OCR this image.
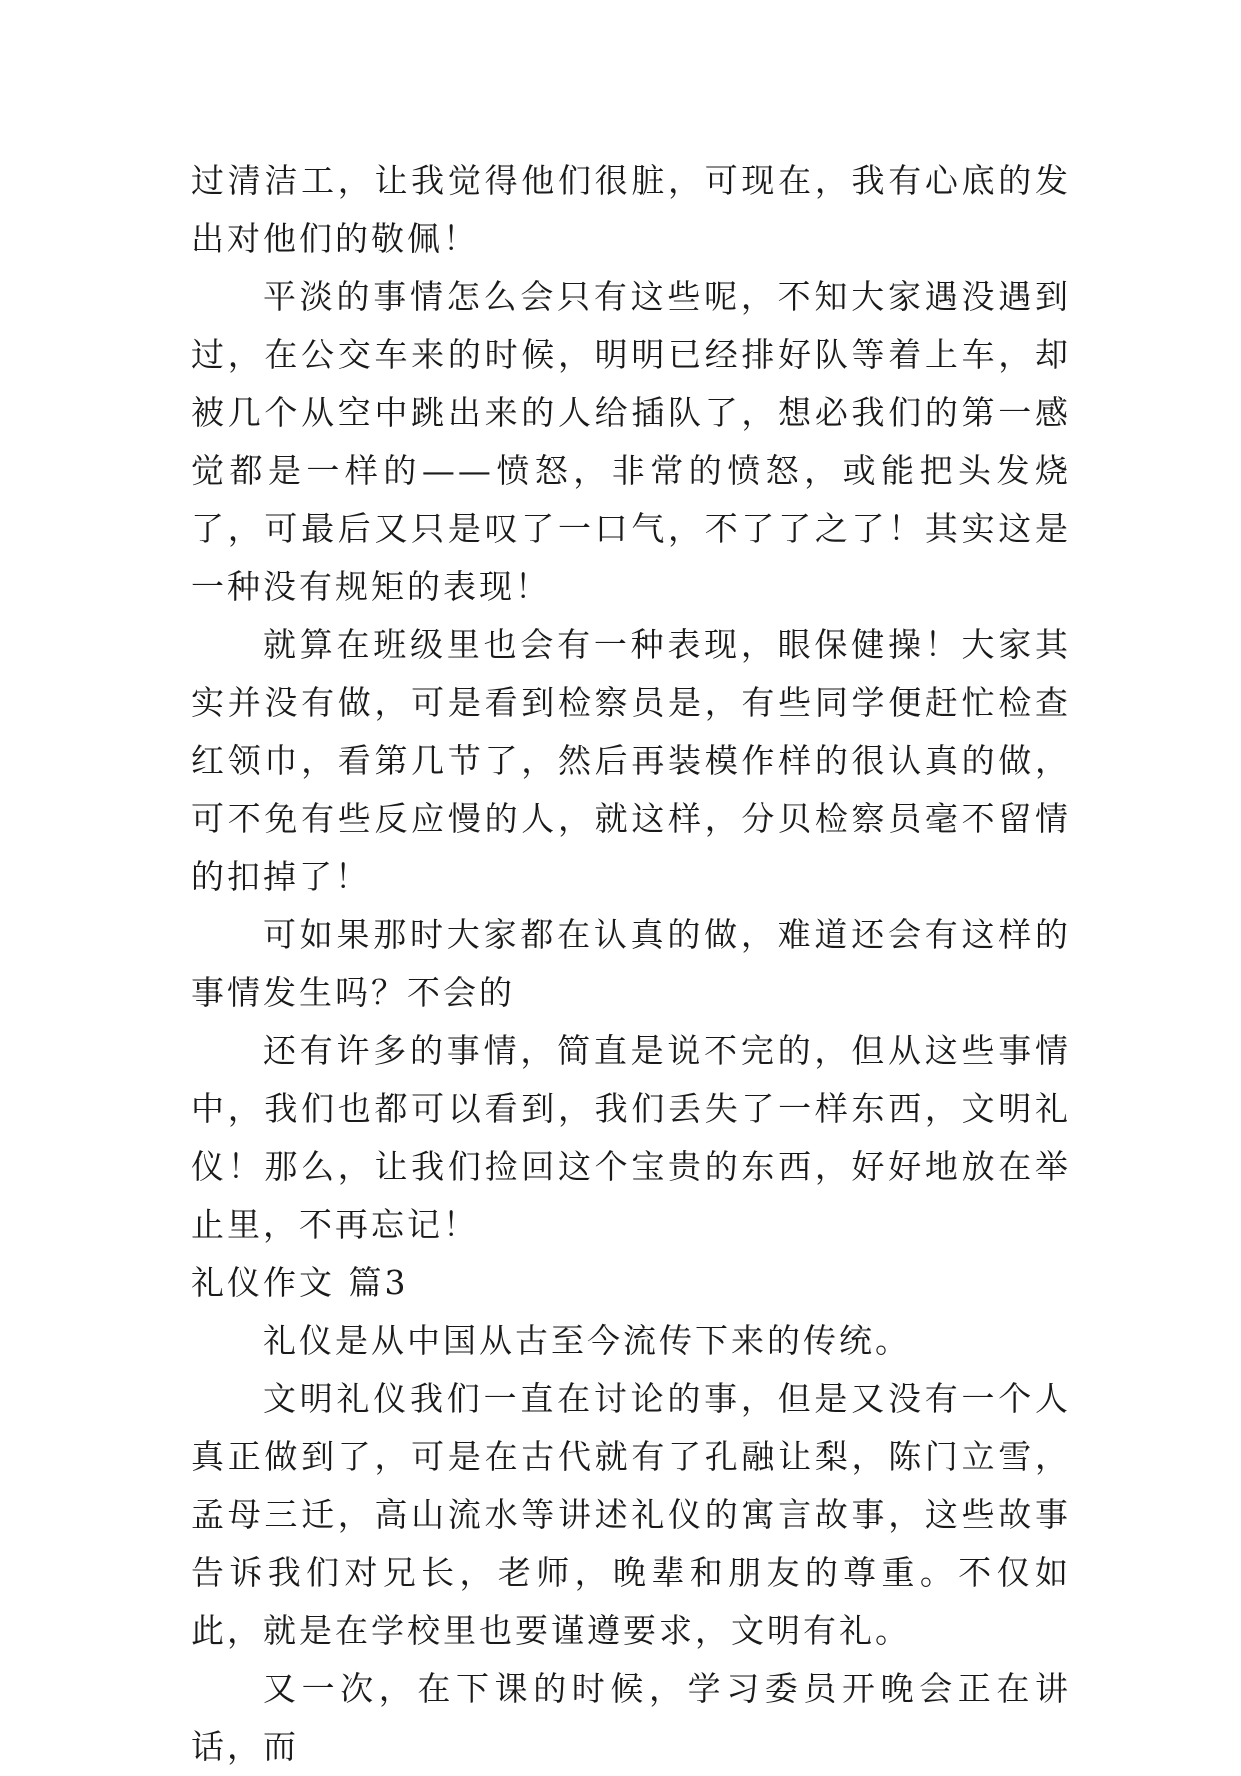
过清洁工，让我觉得他们很脏，可现在，我有心底的发出对他们的敬佩！

平淡的事情怎么会只有这些呢，不知大家遇没遇到过，在公交车来的时候，明明已经排好队等着上车，却被几个从空中跳出来的人给插队了，想必我们的第一感觉都是一样的——愤怒，非常的愤怒，或能把头发烧了，可最后又只是叹了一口气，不了了之了！其实这是一种没有规矩的表现！

就算在班级里也会有一种表现，眼保健操！大家其实并没有做，可是看到检察员是，有些同学便赶忙检查红领巾，看第几节了，然后再装模作样的很认真的做，可不免有些反应慢的人，就这样，分贝检察员毫不留情的扣掉了！

可如果那时大家都在认真的做，难道还会有这样的事情发生吗？不会的

还有许多的事情，简直是说不完的，但从这些事情中，我们也都可以看到，我们丢失了一样东西，文明礼仪！那么，让我们捡回这个宝贵的东西，好好地放在举止里，不再忘记！

礼仪作文 篇3

礼仪是从中国从古至今流传下来的传统。

文明礼仪我们一直在讨论的事，但是又没有一个人真正做到了，可是在古代就有了孔融让梨，陈门立雪，孟母三迁，高山流水等讲述礼仪的寓言故事，这些故事告诉我们对兄长，老师，晚辈和朋友的尊重。不仅如此，就是在学校里也要谨遵要求，文明有礼。

又一次，在下课的时候，学习委员开晚会正在讲话，而
